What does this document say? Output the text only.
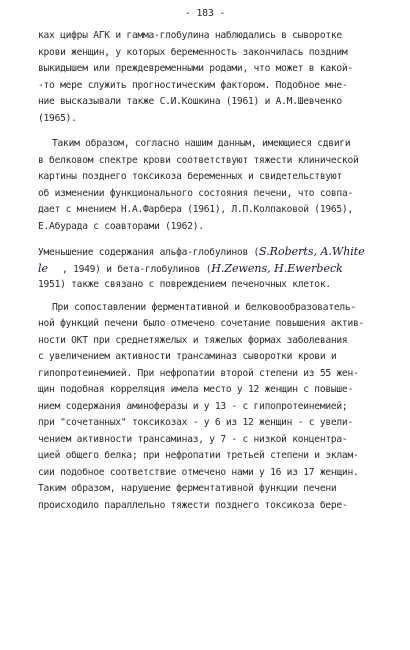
- 183 -
ках цифры АГК и гамма-глобулина наблюдались в сыворотке
крови женщин, у которых беременность закончилась поздним
выкидышем или преждевременными родами, что может в какой-
-то мере служить прогностическим фактором. Подобное мне-
ние высказывали также С.И.Кошкина (1961) и А.М.Шевченко
(1965).
Таким образом, согласно нашим данным, имеющиеся сдвиги
в белковом спектре крови соответствуют тяжести клинической
картины позднего токсикоза беременных и свидетельствуют
об изменении функционального состояния печени, что совпа-
дает с мнением Н.А.Фарбера (1961), Л.П.Колпаковой (1965),
Е.Абурада с соавторами (1962).
Уменьшение содержания альфа-глобулинов (S.Roberts, A.White
le , 1949) и бета-глобулинов (H.Zewens, H.Ewerbeck
1951) также связано с повреждением печеночных клеток.
При сопоставлении ферментативной и белковообразователь-
ной функций печени было отмечено сочетание повышения актив-
ности ОКТ при среднетяжелых и тяжелых формах заболевания
с увеличением активности трансаминаз сыворотки крови и
гипопротеинемией. При нефропатии второй степени из 55 жен-
щин подобная корреляция имела место у 12 женщин с повыше-
нием содержания аминоферазы и у 13 - с гипопротеинемией;
при "сочетанных" токсикозах - у 6 из 12 женщин - с увели-
чением активности трансаминаз, у 7 - с низкой концентра-
цией общего белка; при нефропатии третьей степени и эклам-
сии подобное соответствие отмечено нами у 16 из 17 женщин.
Таким образом, нарушение ферментативной функции печени
происходило параллельно тяжести позднего токсикоза бере-
